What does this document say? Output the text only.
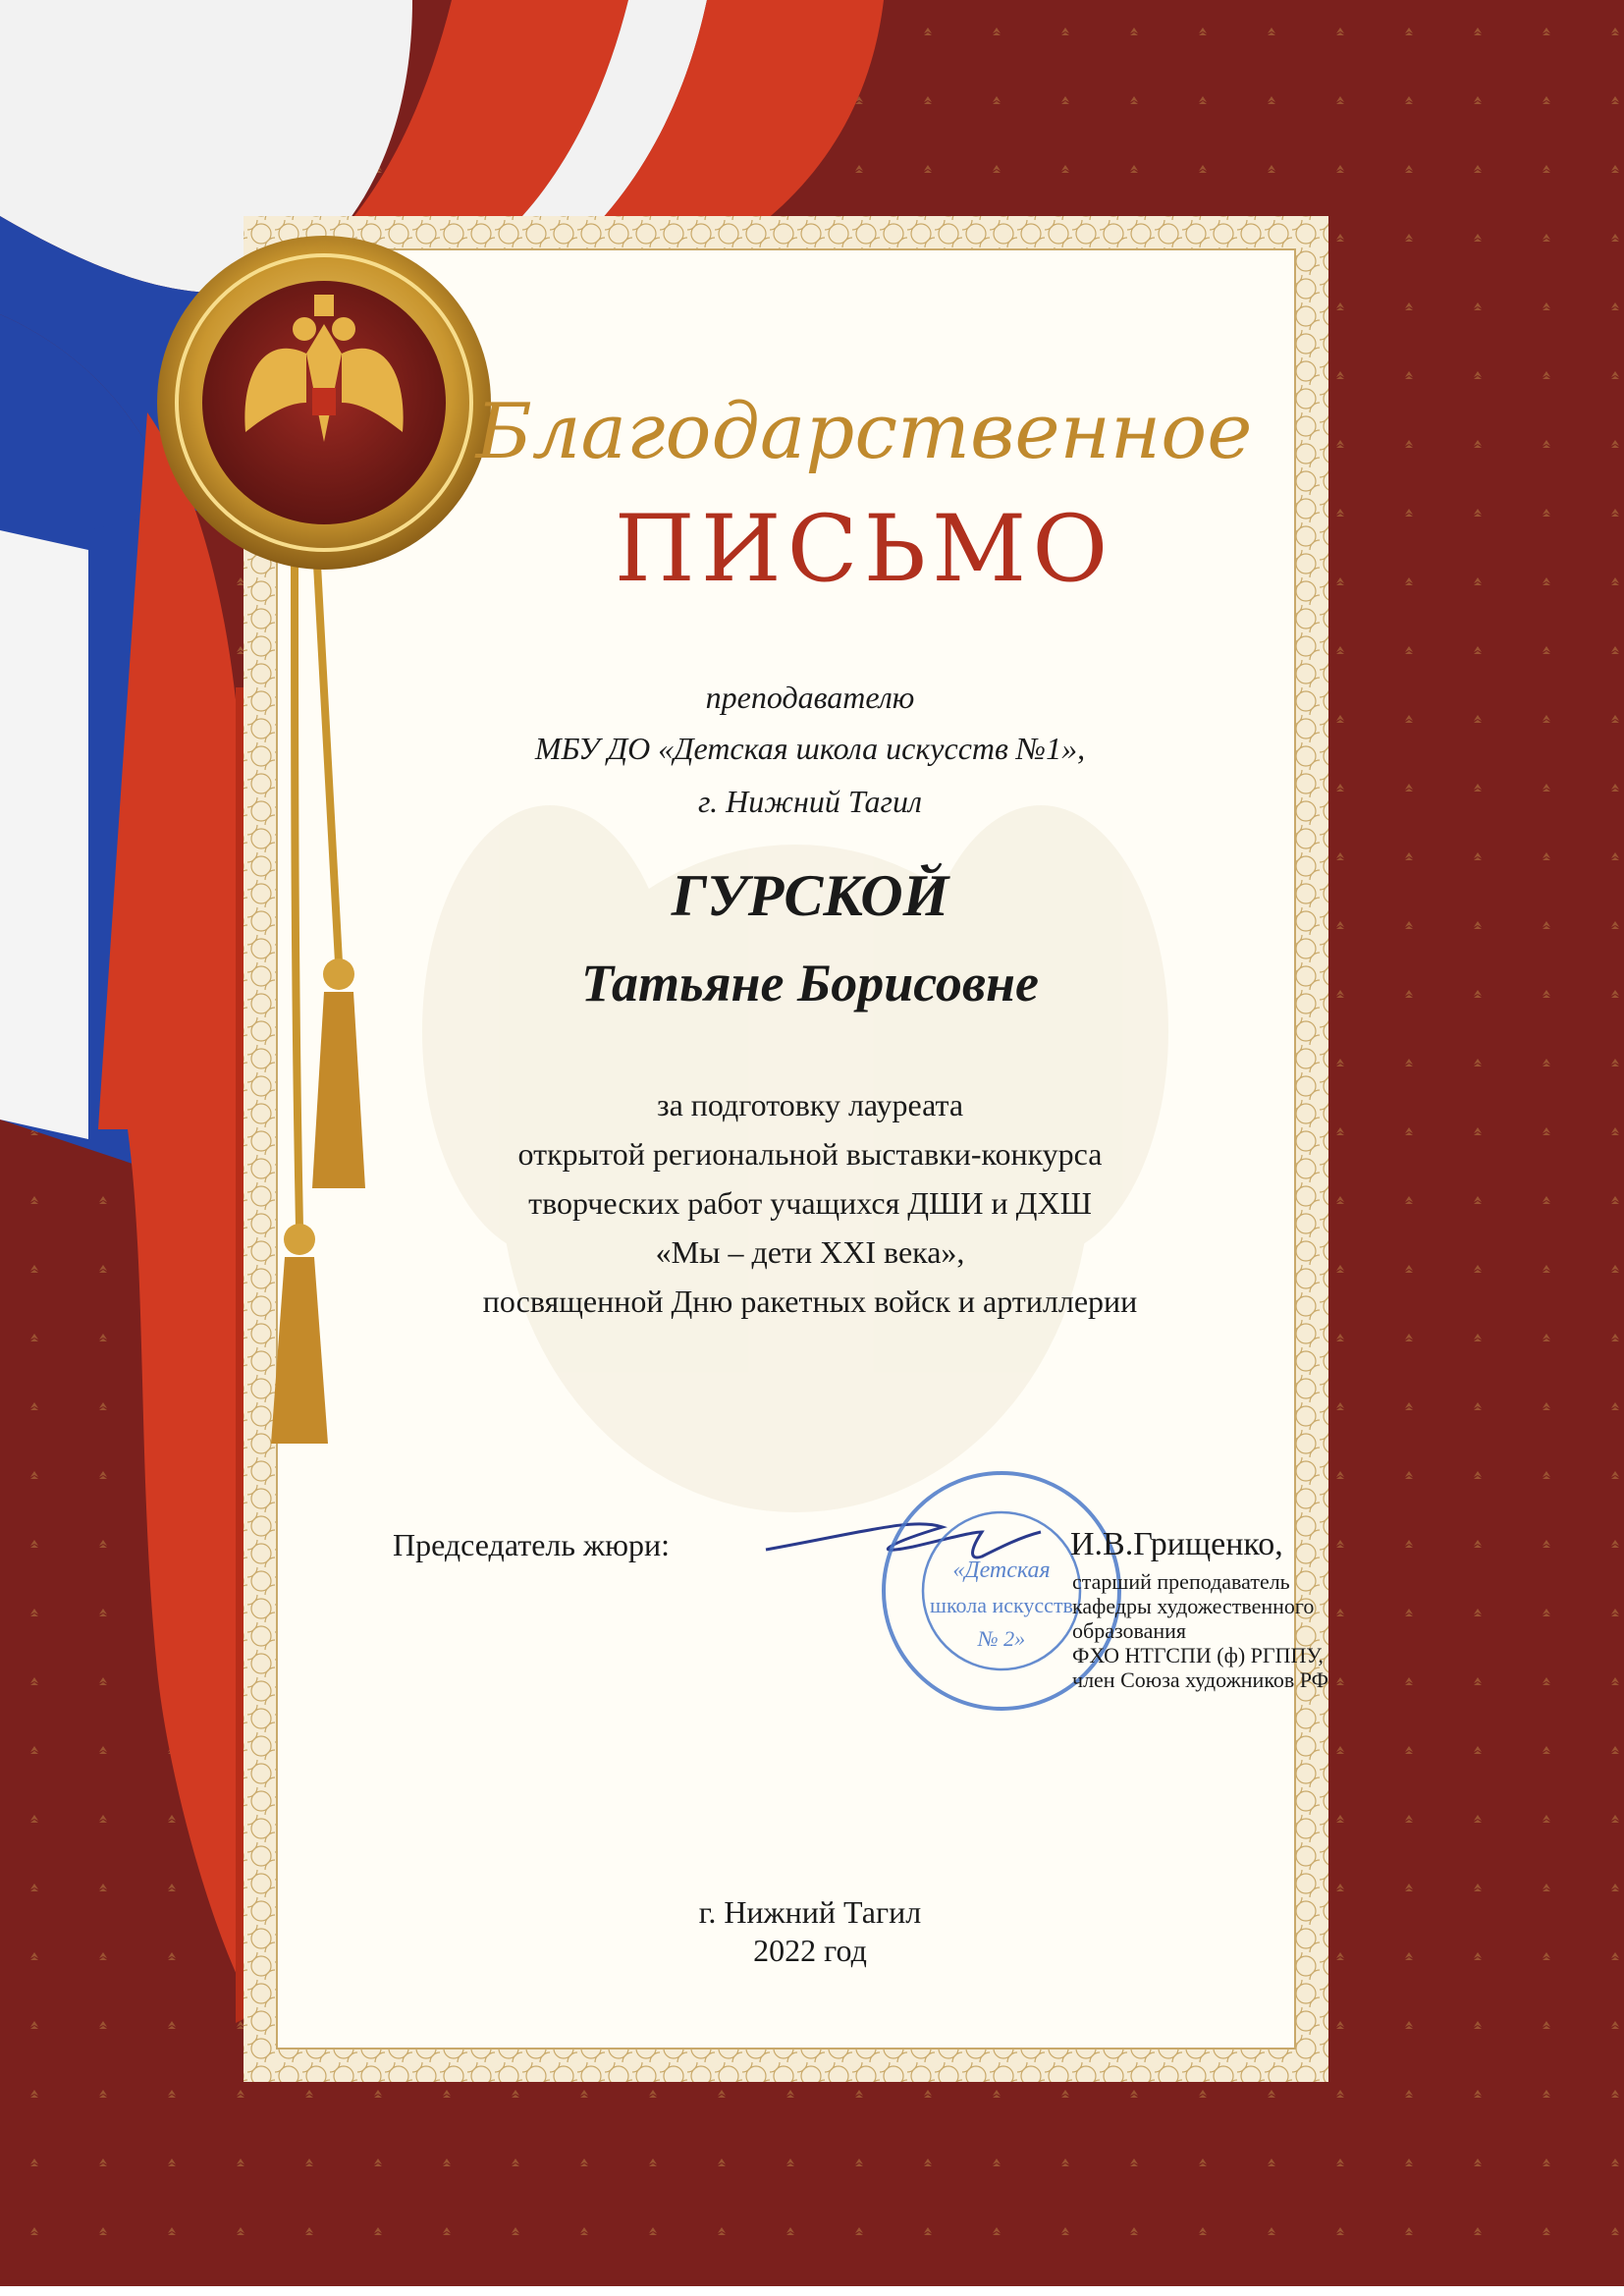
Благодарственное
ПИСЬМО
преподавателю
МБУ ДО «Детская школа искусств №1»,
г. Нижний Тагил
ГУРСКОЙ
Татьяне Борисовне
за подготовку лауреата
открытой региональной выставки-конкурса
творческих работ учащихся ДШИ и ДХШ
«Мы – дети XXI века»,
посвященной Дню ракетных войск и артиллерии
Председатель жюри:	И.В.Грищенко,
старший преподаватель
кафедры художественного
образования
ФХО НТГСПИ (ф) РГППУ,
член Союза художников РФ
«Детская
школа искусств
№ 2»
г. Нижний Тагил
2022 год
